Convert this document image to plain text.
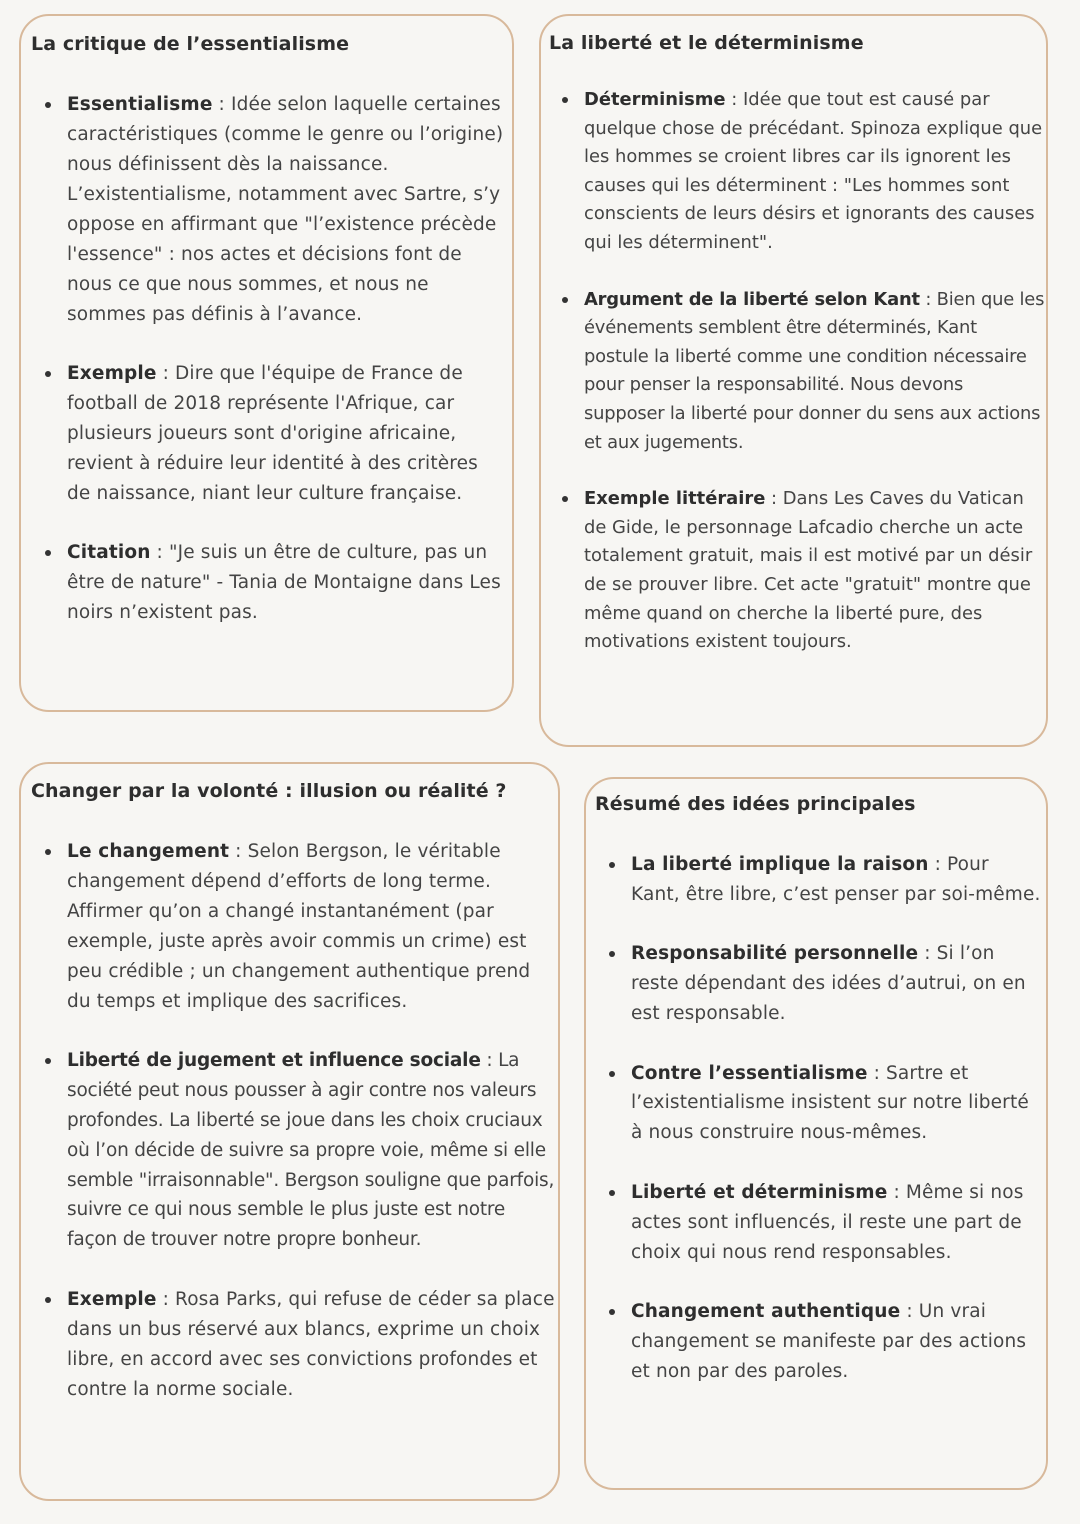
La critique de l’essentialisme
Essentialisme : Idée selon laquelle certaines caractéristiques (comme le genre ou l’origine) nous définissent dès la naissance. L’existentialisme, notamment avec Sartre, s’y oppose en affirmant que "l’existence précède l'essence" : nos actes et décisions font de nous ce que nous sommes, et nous ne sommes pas définis à l’avance.
Exemple : Dire que l'équipe de France de football de 2018 représente l'Afrique, car plusieurs joueurs sont d'origine africaine, revient à réduire leur identité à des critères de naissance, niant leur culture française.
Citation : "Je suis un être de culture, pas un être de nature" - Tania de Montaigne dans Les noirs n’existent pas.
La liberté et le déterminisme
Déterminisme : Idée que tout est causé par quelque chose de précédant. Spinoza explique que les hommes se croient libres car ils ignorent les causes qui les déterminent : "Les hommes sont conscients de leurs désirs et ignorants des causes qui les déterminent".
Argument de la liberté selon Kant : Bien que les événements semblent être déterminés, Kant postule la liberté comme une condition nécessaire pour penser la responsabilité. Nous devons supposer la liberté pour donner du sens aux actions et aux jugements.
Exemple littéraire : Dans Les Caves du Vatican de Gide, le personnage Lafcadio cherche un acte totalement gratuit, mais il est motivé par un désir de se prouver libre. Cet acte "gratuit" montre que même quand on cherche la liberté pure, des motivations existent toujours.
Changer par la volonté : illusion ou réalité ?
Le changement : Selon Bergson, le véritable changement dépend d’efforts de long terme. Affirmer qu’on a changé instantanément (par exemple, juste après avoir commis un crime) est peu crédible ; un changement authentique prend du temps et implique des sacrifices.
Liberté de jugement et influence sociale : La société peut nous pousser à agir contre nos valeurs profondes. La liberté se joue dans les choix cruciaux où l’on décide de suivre sa propre voie, même si elle semble "irraisonnable". Bergson souligne que parfois, suivre ce qui nous semble le plus juste est notre façon de trouver notre propre bonheur.
Exemple : Rosa Parks, qui refuse de céder sa place dans un bus réservé aux blancs, exprime un choix libre, en accord avec ses convictions profondes et contre la norme sociale.
Résumé des idées principales
La liberté implique la raison : Pour Kant, être libre, c’est penser par soi-même.
Responsabilité personnelle : Si l’on reste dépendant des idées d’autrui, on en est responsable.
Contre l’essentialisme : Sartre et l’existentialisme insistent sur notre liberté à nous construire nous-mêmes.
Liberté et déterminisme : Même si nos actes sont influencés, il reste une part de choix qui nous rend responsables.
Changement authentique : Un vrai changement se manifeste par des actions et non par des paroles.
